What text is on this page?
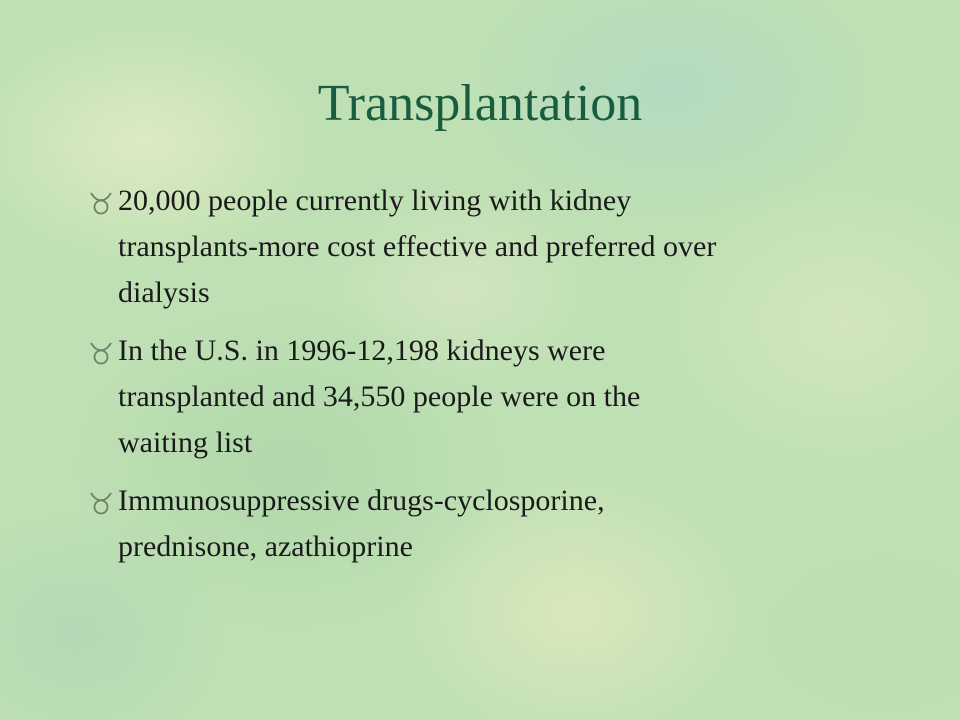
Transplantation
20,000 people currently living with kidney
transplants-more cost effective and preferred over
dialysis
In the U.S. in 1996-12,198 kidneys were
transplanted and 34,550 people were on the
waiting list
Immunosuppressive drugs-cyclosporine,
prednisone, azathioprine
